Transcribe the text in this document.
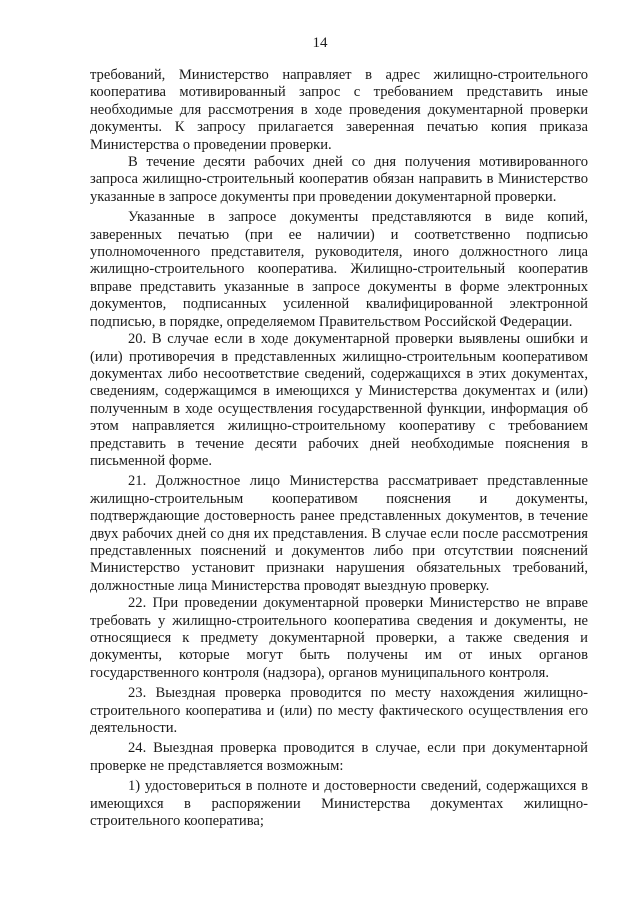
14

требований, Министерство направляет в адрес жилищно-строительного кооператива мотивированный запрос с требованием представить иные необходимые для рассмотрения в ходе проведения документарной проверки документы. К запросу прилагается заверенная печатью копия приказа Министерства о проведении проверки.

В течение десяти рабочих дней со дня получения мотивированного запроса жилищно-строительный кооператив обязан направить в Министерство указанные в запросе документы при проведении документарной проверки.

Указанные в запросе документы представляются в виде копий, заверенных печатью (при ее наличии) и соответственно подписью уполномоченного представителя, руководителя, иного должностного лица жилищно-строительного кооператива. Жилищно-строительный кооператив вправе представить указанные в запросе документы в форме электронных документов, подписанных усиленной квалифицированной электронной подписью, в порядке, определяемом Правительством Российской Федерации.

20. В случае если в ходе документарной проверки выявлены ошибки и (или) противоречия в представленных жилищно-строительным кооперативом документах либо несоответствие сведений, содержащихся в этих документах, сведениям, содержащимся в имеющихся у Министерства документах и (или) полученным в ходе осуществления государственной функции, информация об этом направляется жилищно-строительному кооперативу с требованием представить в течение десяти рабочих дней необходимые пояснения в письменной форме.

21. Должностное лицо Министерства рассматривает представленные жилищно-строительным кооперативом пояснения и документы, подтверждающие достоверность ранее представленных документов, в течение двух рабочих дней со дня их представления. В случае если после рассмотрения представленных пояснений и документов либо при отсутствии пояснений Министерство установит признаки нарушения обязательных требований, должностные лица Министерства проводят выездную проверку.

22. При проведении документарной проверки Министерство не вправе требовать у жилищно-строительного кооператива сведения и документы, не относящиеся к предмету документарной проверки, а также сведения и документы, которые могут быть получены им от иных органов государственного контроля (надзора), органов муниципального контроля.

23. Выездная проверка проводится по месту нахождения жилищно-строительного кооператива и (или) по месту фактического осуществления его деятельности.

24. Выездная проверка проводится в случае, если при документарной проверке не представляется возможным:

1) удостовериться в полноте и достоверности сведений, содержащихся в имеющихся в распоряжении Министерства документах жилищно-строительного кооператива;
